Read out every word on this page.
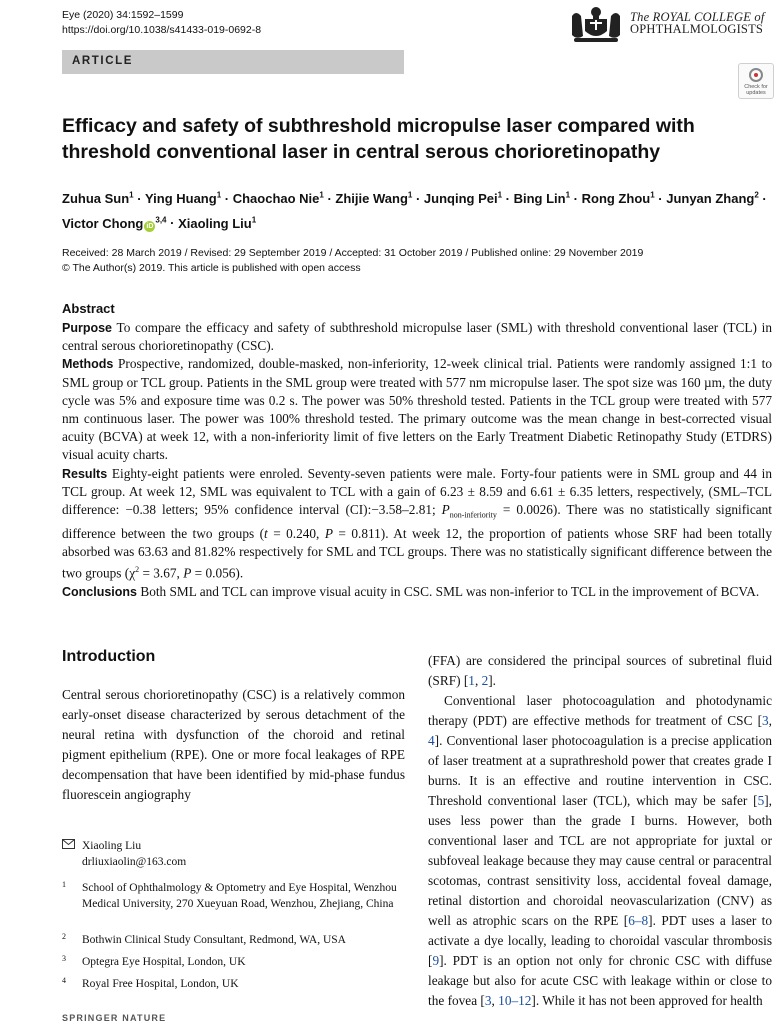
Eye (2020) 34:1592–1599
https://doi.org/10.1038/s41433-019-0692-8
The ROYAL COLLEGE of
OPHTHALMOLOGISTS
ARTICLE
Check for updates
Efficacy and safety of subthreshold micropulse laser compared with
threshold conventional laser in central serous chorioretinopathy
Zuhua Sun$^1$ · Ying Huang$^1$ · Chaochao Nie$^1$ · Zhijie Wang$^1$ · Junqing Pei$^1$ · Bing Lin$^1$ · Rong Zhou$^1$ · Junyan Zhang$^2$ ·
Victor Chong iD$^{3,4}$ · Xiaoling Liu$^1$
Received: 28 March 2019 / Revised: 29 September 2019 / Accepted: 31 October 2019 / Published online: 29 November 2019
© The Author(s) 2019. This article is published with open access
Abstract

Purpose To compare the efficacy and safety of subthreshold micropulse laser (SML) with threshold conventional laser (TCL) in central serous chorioretinopathy (CSC).

Methods Prospective, randomized, double-masked, non-inferiority, 12-week clinical trial. Patients were randomly assigned 1:1 to SML group or TCL group. Patients in the SML group were treated with 577 nm micropulse laser. The spot size was 160 µm, the duty cycle was 5% and exposure time was 0.2 s. The power was 50% threshold tested. Patients in the TCL group were treated with 577 nm continuous laser. The power was 100% threshold tested. The primary outcome was the mean change in best-corrected visual acuity (BCVA) at week 12, with a non-inferiority limit of five letters on the Early Treatment Diabetic Retinopathy Study (ETDRS) visual acuity charts.

Results Eighty-eight patients were enroled. Seventy-seven patients were male. Forty-four patients were in SML group and 44 in TCL group. At week 12, SML was equivalent to TCL with a gain of 6.23 ± 8.59 and 6.61 ± 6.35 letters, respectively, (SML–TCL difference: −0.38 letters; 95% confidence interval (CI):−3.58–2.81; $P_{non-inferiority} = 0.0026$). There was no statistically significant difference between the two groups (t = 0.240, P = 0.811). At week 12, the proportion of patients whose SRF had been totally absorbed was 63.63 and 81.82% respectively for SML and TCL groups. There was no statistically significant difference between the two groups ($\chi^2 = 3.67$, P = 0.056).

Conclusions Both SML and TCL can improve visual acuity in CSC. SML was non-inferior to TCL in the improvement of BCVA.

Introduction

Central serous chorioretinopathy (CSC) is a relatively common early-onset disease characterized by serous detachment of the neural retina with dysfunction of the choroid and retinal pigment epithelium (RPE). One or more focal leakages of RPE decompensation that have been identified by mid-phase fundus fluorescein angiography

(FFA) are considered the principal sources of subretinal fluid (SRF) [1, 2].

Conventional laser photocoagulation and photodynamic therapy (PDT) are effective methods for treatment of CSC [3, 4]. Conventional laser photocoagulation is a precise application of laser treatment at a suprathreshold power that creates grade I burns. It is an effective and routine intervention in CSC. Threshold conventional laser (TCL), which may be safer [5], uses less power than the grade I burns. However, both conventional laser and TCL are not appropriate for juxtal or subfoveal leakage because they may cause central or paracentral scotomas, contrast sensitivity loss, accidental foveal damage, retinal distortion and choroidal neovascularization (CNV) as well as atrophic scars on the RPE [6–8]. PDT uses a laser to activate a dye locally, leading to choroidal vascular thrombosis [9]. PDT is an option not only for chronic CSC with diffuse leakage but also for acute CSC with leakage within or close to the fovea [3, 10–12]. While it has not been approved for health

Xiaoling Liu
drliuxiaolin@163.com
1 School of Ophthalmology & Optometry and Eye Hospital, Wenzhou Medical University, 270 Xueyuan Road, Wenzhou, Zhejiang, China
2 Bothwin Clinical Study Consultant, Redmond, WA, USA
3 Optegra Eye Hospital, London, UK
4 Royal Free Hospital, London, UK
SPRINGER NATURE
